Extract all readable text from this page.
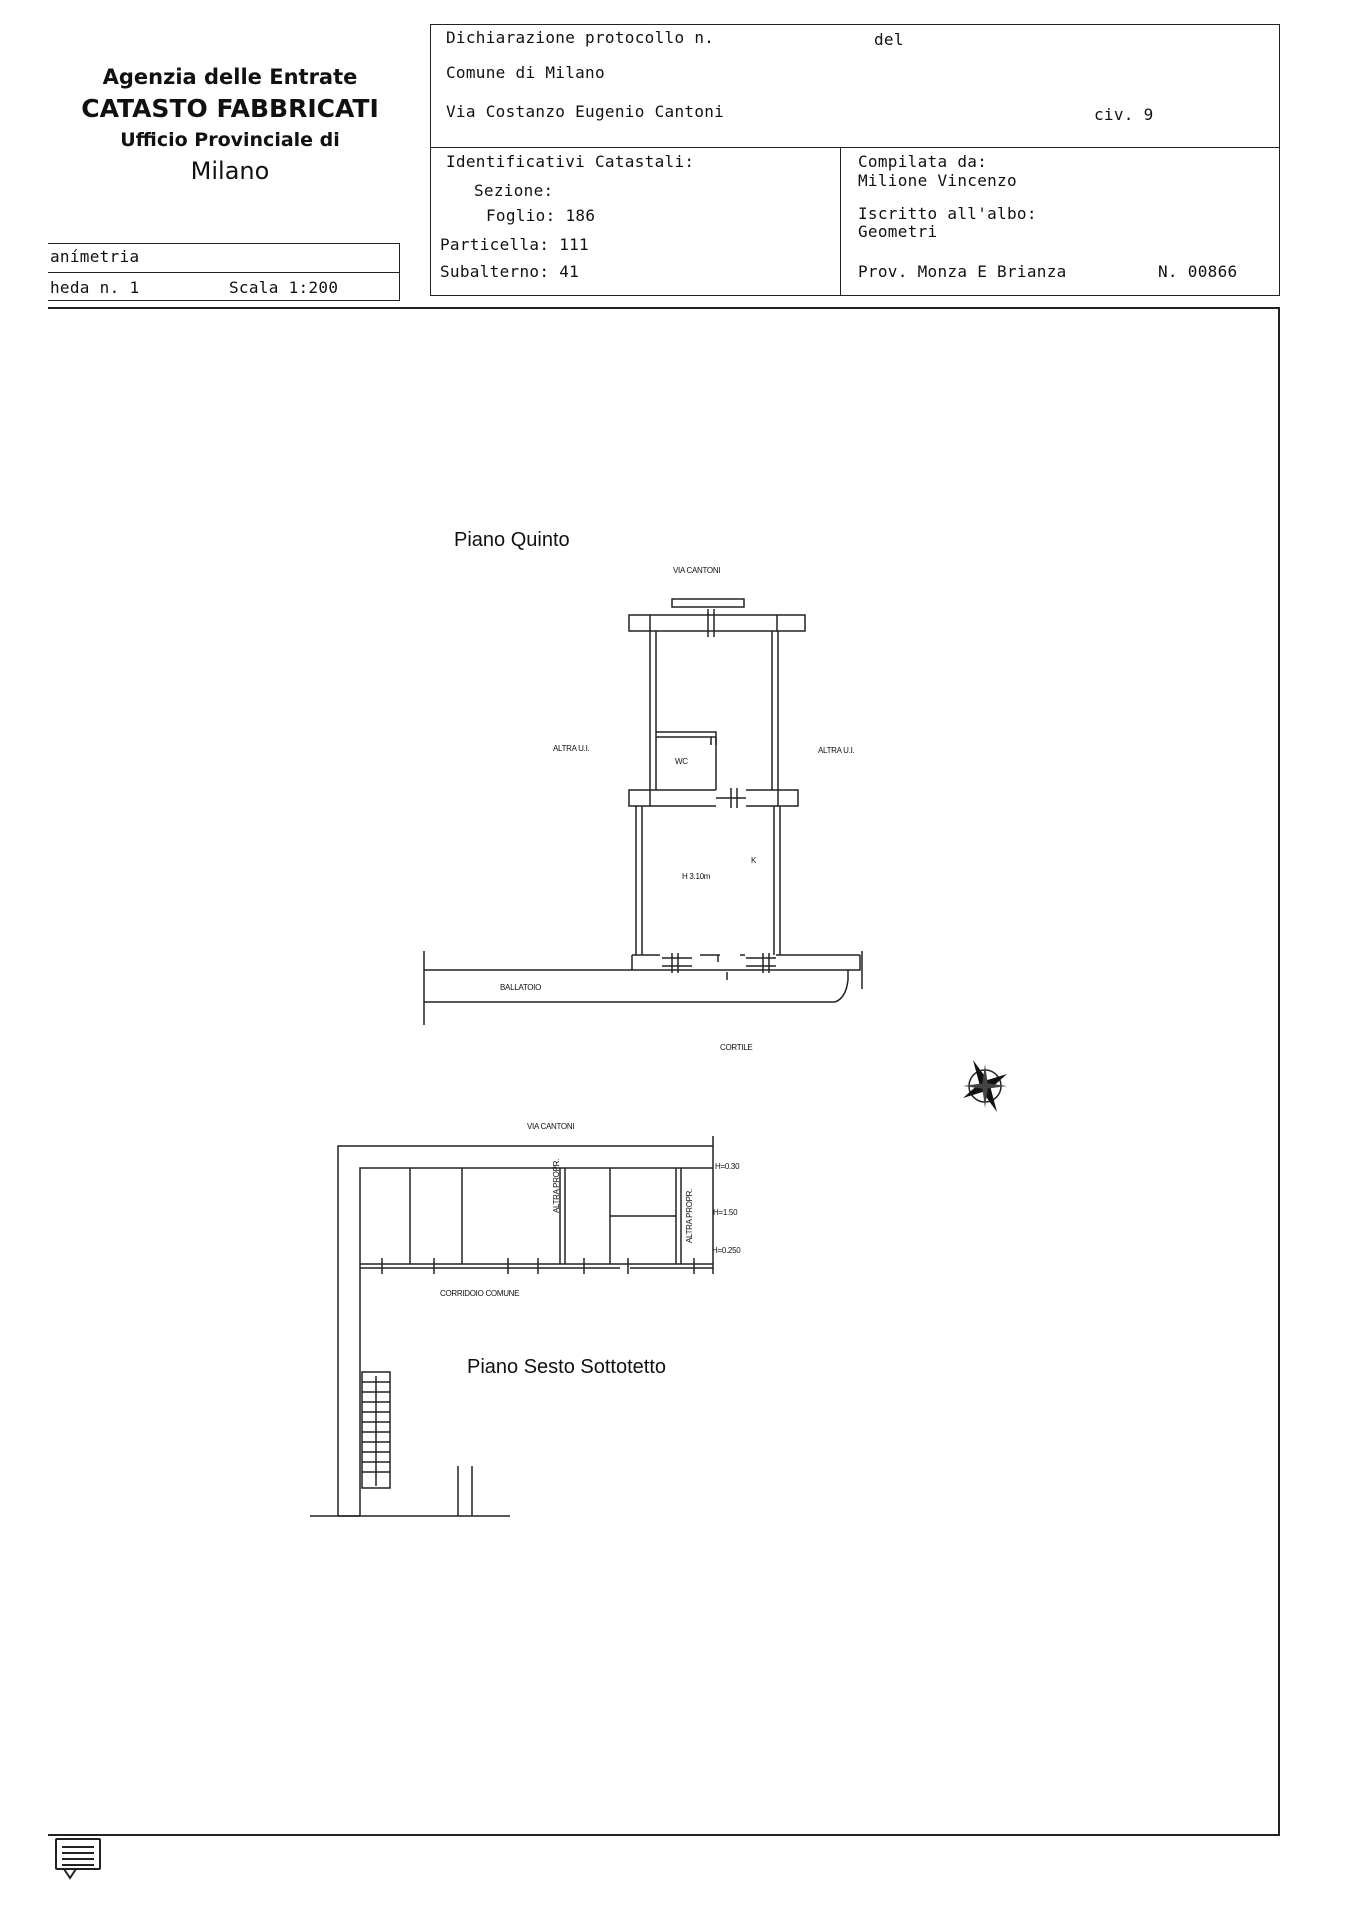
Agenzia delle Entrate
CATASTO FABBRICATI
Ufficio Provinciale di
Milano
anímetria
heda n. 1	Scala 1:200
Dichiarazione protocollo n.	del
Comune di Milano
Via Costanzo Eugenio Cantoni	civ. 9
Identificativi Catastali:
Sezione:
Foglio: 186
Particella: 111
Subalterno: 41
Compilata da:
Milione Vincenzo
Iscritto all'albo:
Geometri
Prov. Monza E Brianza	N. 00866
Piano Quinto
VIA CANTONI
ALTRA U.I.	ALTRA U.I.
WC
K
H 3.10m
BALLATOIO
CORTILE
VIA CANTONI
H=0.30
H=1.50
H=0.250
ALTRA PROPR.
ALTRA PROPR.
CORRIDOIO COMUNE
Piano Sesto Sottotetto
